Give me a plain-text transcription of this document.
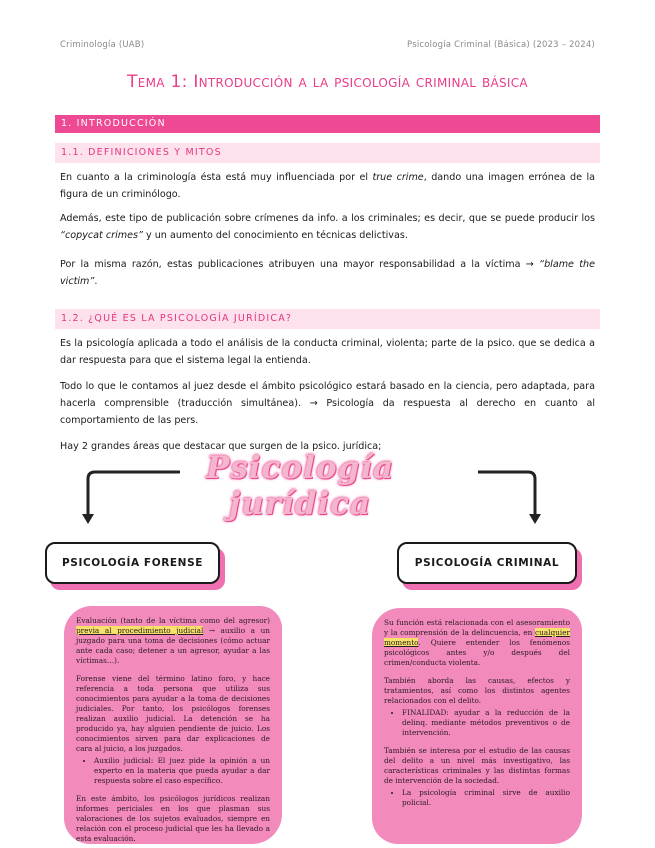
Criminología (UAB)	Psicología Criminal (Básica) (2023 – 2024)
Tema 1: Introducción a la psicología criminal básica
1. INTRODUCCIÓN
1.1. DEFINICIONES Y MITOS
En cuanto a la criminología ésta está muy influenciada por el true crime, dando una imagen errónea de la figura de un criminólogo.
Además, este tipo de publicación sobre crímenes da info. a los criminales; es decir, que se puede producir los “copycat crimes” y un aumento del conocimiento en técnicas delictivas.
Por la misma razón, estas publicaciones atribuyen una mayor responsabilidad a la víctima → “blame the victim”.
1.2. ¿QUÉ ES LA PSICOLOGÍA JURÍDICA?
Es la psicología aplicada a todo el análisis de la conducta criminal, violenta; parte de la psico. que se dedica a dar respuesta para que el sistema legal la entienda.
Todo lo que le contamos al juez desde el ámbito psicológico estará basado en la ciencia, pero adaptada, para hacerla comprensible (traducción simultánea). → Psicología da respuesta al derecho en cuanto al comportamiento de las pers.
Hay 2 grandes áreas que destacar que surgen de la psico. jurídica;
Psicología jurídica
PSICOLOGÍA FORENSE	PSICOLOGÍA CRIMINAL

Evaluación (tanto de la víctima como del agresor) previa al procedimiento judicial → auxilio a un juzgado para una toma de decisiones (cómo actuar ante cada caso; detener a un agresor, ayudar a las víctimas…).

Forense viene del término latino foro, y hace referencia a toda persona que utiliza sus conocimientos para ayudar a la toma de decisiones judiciales. Por tanto, los psicólogos forenses realizan auxilio judicial. La detención se ha producido ya, hay alguien pendiente de juicio. Los conocimientos sirven para dar explicaciones de cara al juicio, a los juzgados.

• Auxilio judicial: El juez pide la opinión a un experto en la materia que pueda ayudar a dar respuesta sobre el caso específico.

En este ámbito, los psicólogos jurídicos realizan informes periciales en los que plasman sus valoraciones de los sujetos evaluados, siempre en relación con el proceso judicial que les ha llevado a esta evaluación.

Su función está relacionada con el asesoramiento y la comprensión de la delincuencia, en cualquier momento. Quiere entender los fenómenos psicológicos antes y/o después del crimen/conducta violenta.

También aborda las causas, efectos y tratamientos, así como los distintos agentes relacionados con el delito.

• FINALIDAD: ayudar a la reducción de la delinq. mediante métodos preventivos o de intervención.

También se interesa por el estudio de las causas del delito a un nivel más investigativo, las características criminales y las distintas formas de intervención de la sociedad.

• La psicología criminal sirve de auxilio policial.
